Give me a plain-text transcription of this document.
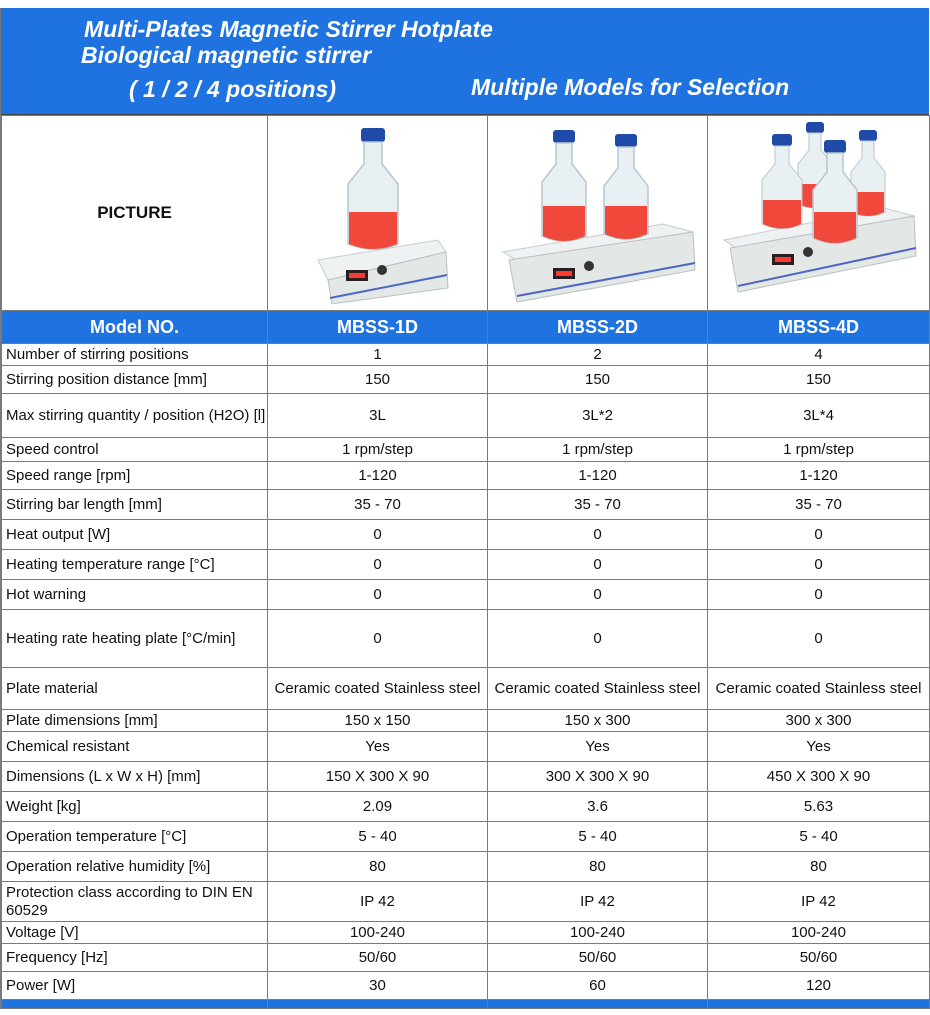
Multi-Plates Magnetic Stirrer Hotplate
Biological magnetic stirrer
( 1 / 2 / 4 positions)	Multiple Models for Selection
PICTURE	

Model NO.	MBSS-1D	MBSS-2D	MBSS-4D
Number of stirring positions	1	2	4
Stirring position distance [mm]	150	150	150
Max stirring quantity / position (H2O) [l]	3L	3L*2	3L*4
Speed control	1 rpm/step	1 rpm/step	1 rpm/step
Speed range [rpm]	1-120	1-120	1-120
Stirring bar length [mm]	35 - 70	35 - 70	35 - 70
Heat output [W]	0	0	0
Heating temperature range [°C]	0	0	0
Hot warning	0	0	0
Heating rate heating plate [°C/min]	0	0	0
Plate material	Ceramic coated Stainless steel	Ceramic coated Stainless steel	Ceramic coated Stainless steel
Plate dimensions [mm]	150 x 150	150 x 300	300 x 300
Chemical resistant	Yes	Yes	Yes
Dimensions (L x W x H) [mm]	150 X 300 X 90	300 X 300 X 90	450 X 300 X 90
Weight [kg]	2.09	3.6	5.63
Operation temperature [°C]	5 - 40	5 - 40	5 - 40
Operation relative humidity [%]	80	80	80
Protection class according to DIN EN 60529	IP 42	IP 42	IP 42
Voltage [V]	100-240	100-240	100-240
Frequency [Hz]	50/60	50/60	50/60
Power [W]	30	60	120
